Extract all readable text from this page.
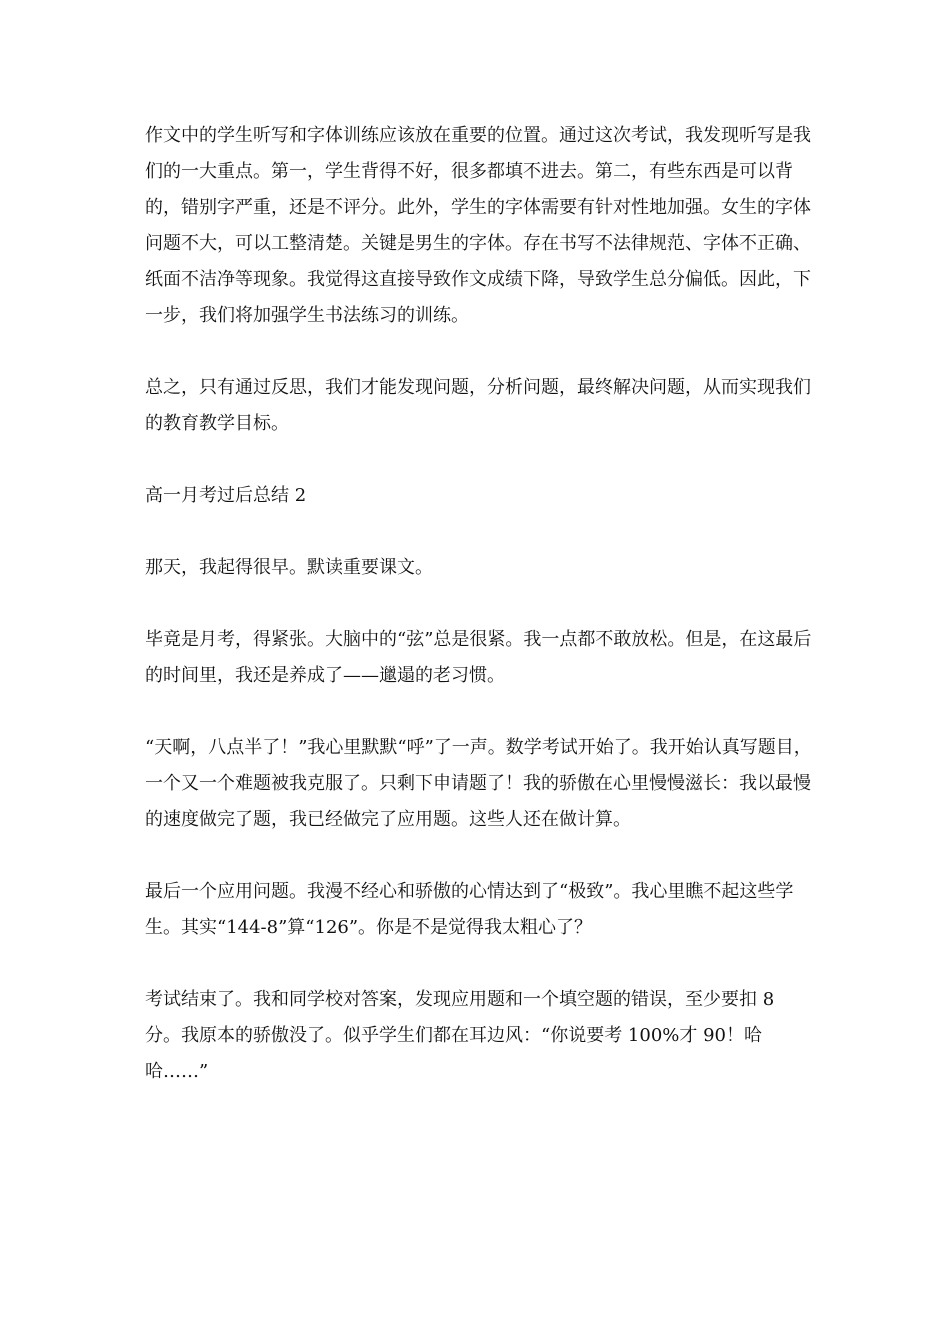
作文中的学生听写和字体训练应该放在重要的位置。通过这次考试，我发现听写是我们的一大重点。第一，学生背得不好，很多都填不进去。第二，有些东西是可以背的，错别字严重，还是不评分。此外，学生的字体需要有针对性地加强。女生的字体问题不大，可以工整清楚。关键是男生的字体。存在书写不法律规范、字体不正确、纸面不洁净等现象。我觉得这直接导致作文成绩下降，导致学生总分偏低。因此，下一步，我们将加强学生书法练习的训练。

总之，只有通过反思，我们才能发现问题，分析问题，最终解决问题，从而实现我们的教育教学目标。

高一月考过后总结 2

那天，我起得很早。默读重要课文。

毕竟是月考，得紧张。大脑中的“弦”总是很紧。我一点都不敢放松。但是，在这最后的时间里，我还是养成了——邋遢的老习惯。

“天啊，八点半了！”我心里默默“呼”了一声。数学考试开始了。我开始认真写题目，一个又一个难题被我克服了。只剩下申请题了！我的骄傲在心里慢慢滋长：我以最慢的速度做完了题，我已经做完了应用题。这些人还在做计算。

最后一个应用问题。我漫不经心和骄傲的心情达到了“极致”。我心里瞧不起这些学生。其实“144-8”算“126”。你是不是觉得我太粗心了？

考试结束了。我和同学校对答案，发现应用题和一个填空题的错误，至少要扣 8 分。我原本的骄傲没了。似乎学生们都在耳边风：“你说要考 100%才 90！哈哈……”
